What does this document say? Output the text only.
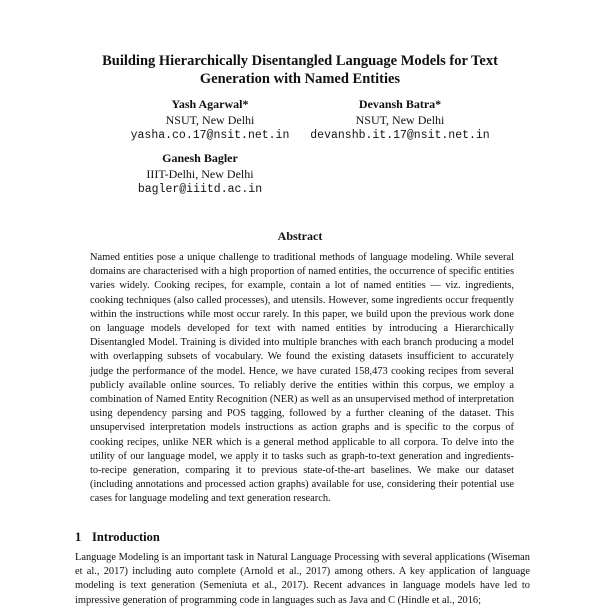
Building Hierarchically Disentangled Language Models for Text Generation with Named Entities
Yash Agarwal*
NSUT, New Delhi
yasha.co.17@nsit.net.in
Devansh Batra*
NSUT, New Delhi
devanshb.it.17@nsit.net.in
Ganesh Bagler
IIIT-Delhi, New Delhi
bagler@iiitd.ac.in
Abstract
Named entities pose a unique challenge to traditional methods of language modeling. While several domains are characterised with a high proportion of named entities, the occurrence of specific entities varies widely. Cooking recipes, for example, contain a lot of named entities — viz. ingredients, cooking techniques (also called processes), and utensils. However, some ingredients occur frequently within the instructions while most occur rarely. In this paper, we build upon the previous work done on language models developed for text with named entities by introducing a Hierarchically Disentangled Model. Training is divided into multiple branches with each branch producing a model with overlapping subsets of vocabulary. We found the existing datasets insufficient to accurately judge the performance of the model. Hence, we have curated 158,473 cooking recipes from several publicly available online sources. To reliably derive the entities within this corpus, we employ a combination of Named Entity Recognition (NER) as well as an unsupervised method of interpretation using dependency parsing and POS tagging, followed by a further cleaning of the dataset. This unsupervised interpretation models instructions as action graphs and is specific to the corpus of cooking recipes, unlike NER which is a general method applicable to all corpora. To delve into the utility of our language model, we apply it to tasks such as graph-to-text generation and ingredients-to-recipe generation, comparing it to previous state-of-the-art baselines. We make our dataset (including annotations and processed action graphs) available for use, considering their potential use cases for language modeling and text generation research.
1 Introduction
Language Modeling is an important task in Natural Language Processing with several applications (Wiseman et al., 2017) including auto complete (Arnold et al., 2017) among others. A key application of language modeling is text generation (Semeniuta et al., 2017). Recent advances in language models have led to impressive generation of programming code in languages such as Java and C (Hindle et al., 2016;
